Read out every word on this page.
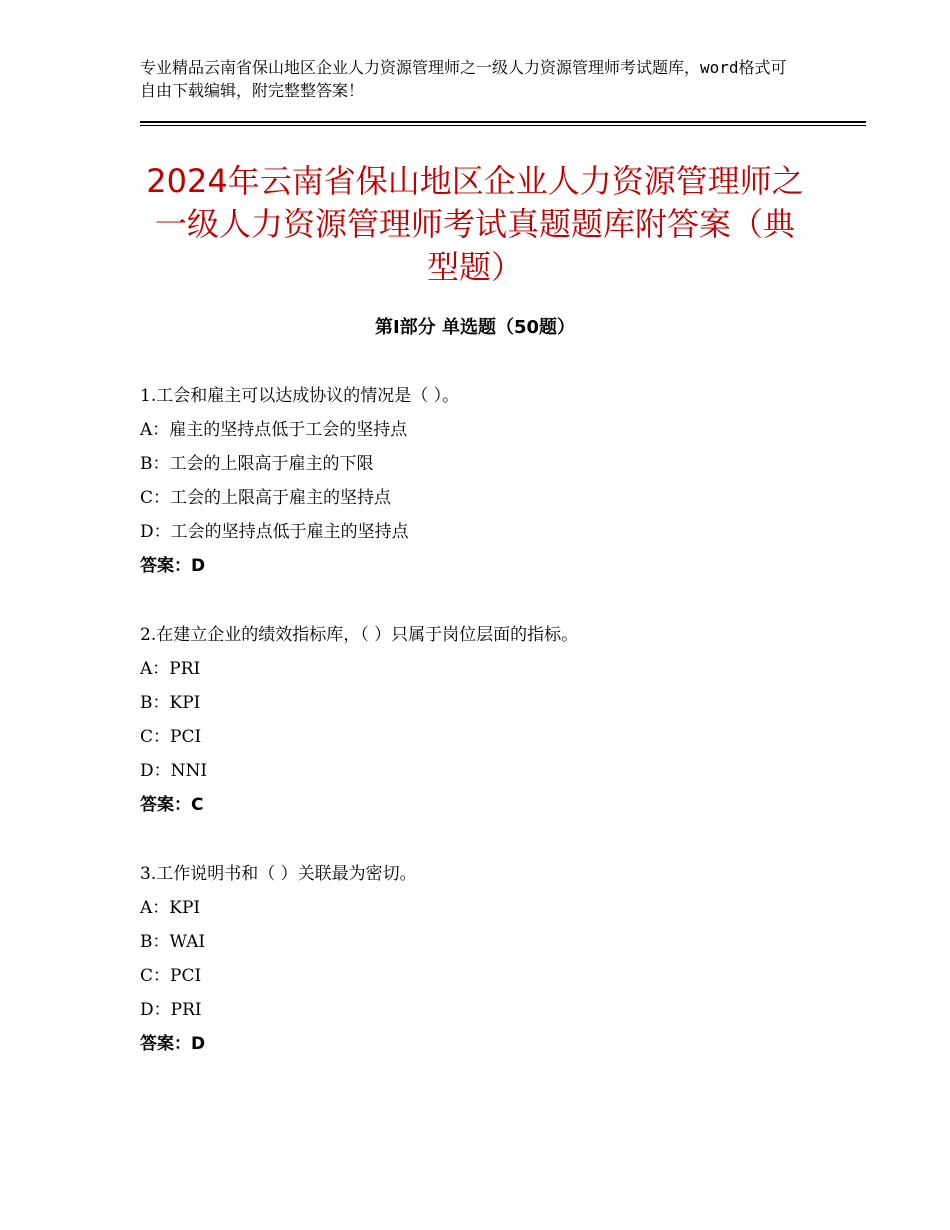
专业精品云南省保山地区企业人力资源管理师之一级人力资源管理师考试题库，word格式可自由下载编辑，附完整整答案！
2024年云南省保山地区企业人力资源管理师之一级人力资源管理师考试真题题库附答案（典型题）
第Ⅰ部分 单选题（50题）
1.工会和雇主可以达成协议的情况是（ ）。
A：雇主的坚持点低于工会的坚持点
B：工会的上限高于雇主的下限
C：工会的上限高于雇主的坚持点
D：工会的坚持点低于雇主的坚持点
答案：D
2.在建立企业的绩效指标库，（ ）只属于岗位层面的指标。
A：PRI
B：KPI
C：PCI
D：NNI
答案：C
3.工作说明书和（ ）关联最为密切。
A：KPI
B：WAI
C：PCI
D：PRI
答案：D
